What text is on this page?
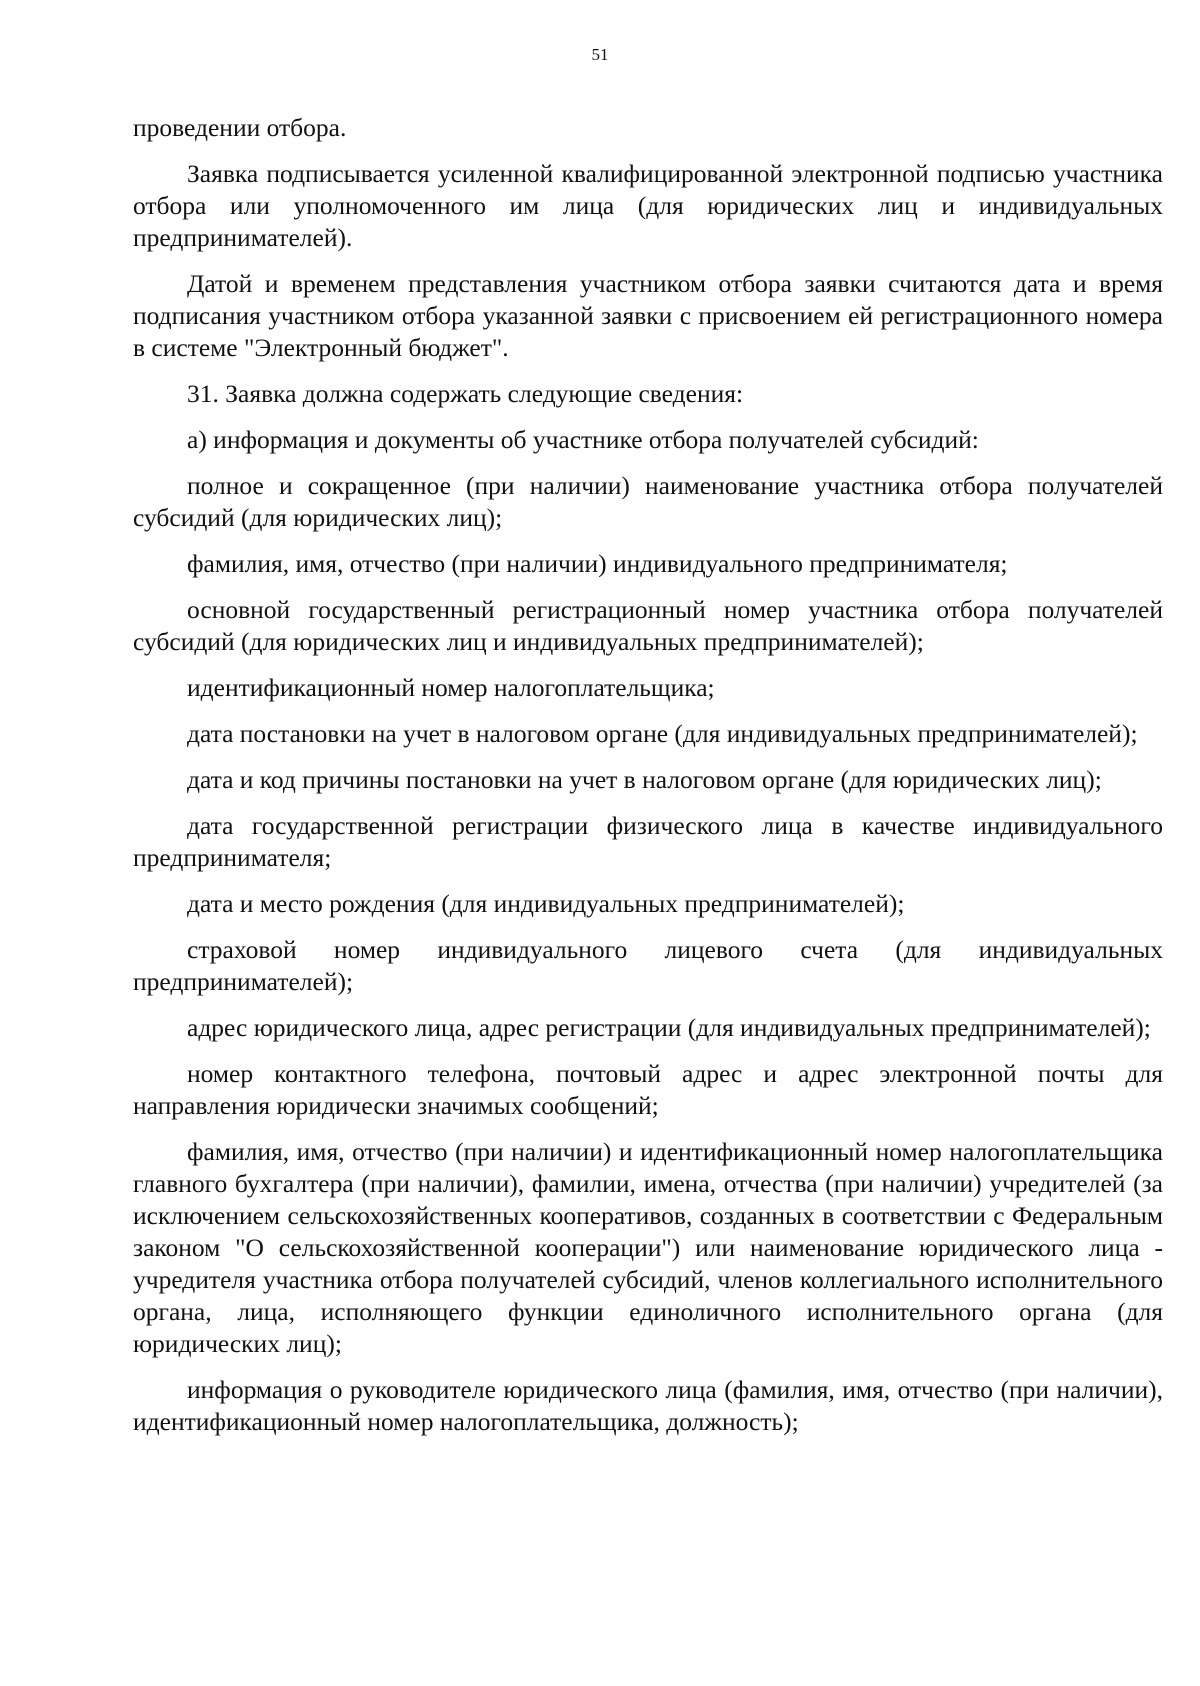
51

проведении отбора.

Заявка подписывается усиленной квалифицированной электронной подписью участника отбора или уполномоченного им лица (для юридических лиц и индивидуальных предпринимателей).

Датой и временем представления участником отбора заявки считаются дата и время подписания участником отбора указанной заявки с присвоением ей регистрационного номера в системе "Электронный бюджет".

31. Заявка должна содержать следующие сведения:

а) информация и документы об участнике отбора получателей субсидий:

полное и сокращенное (при наличии) наименование участника отбора получателей субсидий (для юридических лиц);

фамилия, имя, отчество (при наличии) индивидуального предпринимателя;

основной государственный регистрационный номер участника отбора получателей субсидий (для юридических лиц и индивидуальных предпринимателей);

идентификационный номер налогоплательщика;

дата постановки на учет в налоговом органе (для индивидуальных предпринимателей);

дата и код причины постановки на учет в налоговом органе (для юридических лиц);

дата государственной регистрации физического лица в качестве индивидуального предпринимателя;

дата и место рождения (для индивидуальных предпринимателей);

страховой номер индивидуального лицевого счета (для индивидуальных предпринимателей);

адрес юридического лица, адрес регистрации (для индивидуальных предпринимателей);

номер контактного телефона, почтовый адрес и адрес электронной почты для направления юридически значимых сообщений;

фамилия, имя, отчество (при наличии) и идентификационный номер налогоплательщика главного бухгалтера (при наличии), фамилии, имена, отчества (при наличии) учредителей (за исключением сельскохозяйственных кооперативов, созданных в соответствии с Федеральным законом "О сельскохозяйственной кооперации") или наименование юридического лица - учредителя участника отбора получателей субсидий, членов коллегиального исполнительного органа, лица, исполняющего функции единоличного исполнительного органа (для юридических лиц);

информация о руководителе юридического лица (фамилия, имя, отчество (при наличии), идентификационный номер налогоплательщика, должность);
